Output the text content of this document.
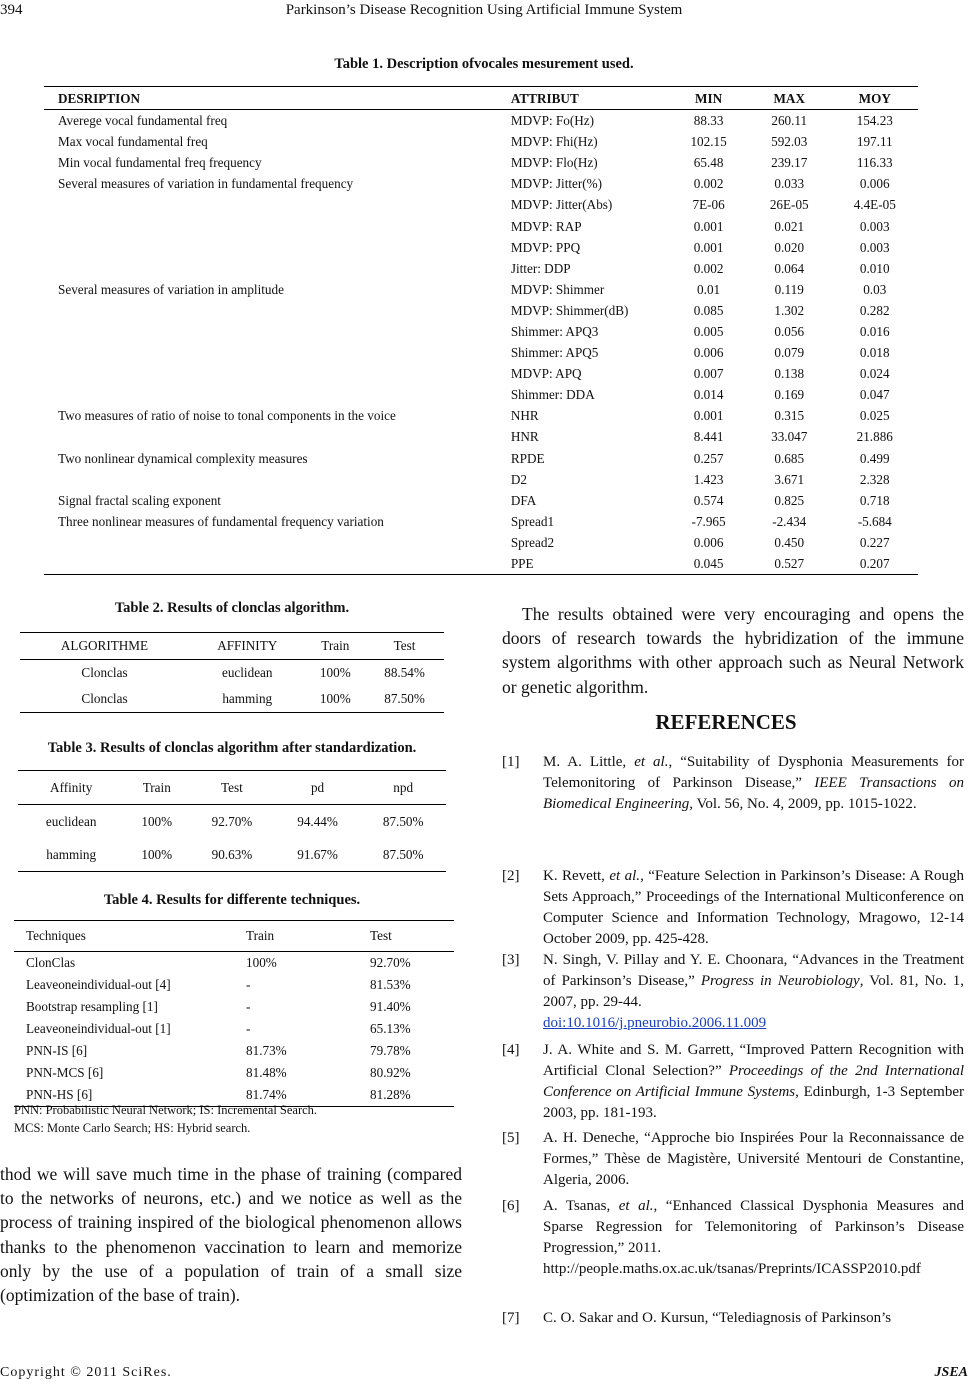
394	Parkinson’s Disease Recognition Using Artificial Immune System
Table 1. Description ofvocales mesurement used.
DESRIPTION	ATTRIBUT	MIN	MAX	MOY
Averege vocal fundamental freq	MDVP: Fo(Hz)	88.33	260.11	154.23
Max vocal fundamental freq	MDVP: Fhi(Hz)	102.15	592.03	197.11
Min vocal fundamental freq frequency	MDVP: Flo(Hz)	65.48	239.17	116.33
Several measures of variation in fundamental frequency	MDVP: Jitter(%)	0.002	0.033	0.006
	MDVP: Jitter(Abs)	7E-06	26E-05	4.4E-05
	MDVP: RAP	0.001	0.021	0.003
	MDVP: PPQ	0.001	0.020	0.003
	Jitter: DDP	0.002	0.064	0.010
Several measures of variation in amplitude	MDVP: Shimmer	0.01	0.119	0.03
	MDVP: Shimmer(dB)	0.085	1.302	0.282
	Shimmer: APQ3	0.005	0.056	0.016
	Shimmer: APQ5	0.006	0.079	0.018
	MDVP: APQ	0.007	0.138	0.024
	Shimmer: DDA	0.014	0.169	0.047
Two measures of ratio of noise to tonal components in the voice	NHR	0.001	0.315	0.025
	HNR	8.441	33.047	21.886
Two nonlinear dynamical complexity measures	RPDE	0.257	0.685	0.499
	D2	1.423	3.671	2.328
Signal fractal scaling exponent	DFA	0.574	0.825	0.718
Three nonlinear measures of fundamental frequency variation	Spread1	-7.965	-2.434	-5.684
	Spread2	0.006	0.450	0.227
	PPE	0.045	0.527	0.207
Table 2. Results of clonclas algorithm.
ALGORITHME	AFFINITY	Train	Test
Clonclas	euclidean	100%	88.54%
Clonclas	hamming	100%	87.50%
Table 3. Results of clonclas algorithm after standardization.
Affinity	Train	Test	pd	npd
euclidean	100%	92.70%	94.44%	87.50%
hamming	100%	90.63%	91.67%	87.50%
Table 4. Results for differente techniques.
Techniques	Train	Test
ClonClas	100%	92.70%
Leaveoneindividual-out [4]	-	81.53%
Bootstrap resampling [1]	-	91.40%
Leaveoneindividual-out [1]	-	65.13%
PNN-IS [6]	81.73%	79.78%
PNN-MCS [6]	81.48%	80.92%
PNN-HS [6]	81.74%	81.28%
PNN: Probabilistic Neural Network; IS: Incremental Search.
MCS: Monte Carlo Search; HS: Hybrid search.
thod we will save much time in the phase of training (compared to the networks of neurons, etc.) and we notice as well as the process of training inspired of the biological phenomenon allows thanks to the phenomenon vaccination to learn and memorize only by the use of a population of train of a small size (optimization of the base of train).
The results obtained were very encouraging and opens the doors of research towards the hybridization of the immune system algorithms with other approach such as Neural Network or genetic algorithm.
REFERENCES
[1] M. A. Little, et al., “Suitability of Dysphonia Measurements for Telemonitoring of Parkinson Disease,” IEEE Transactions on Biomedical Engineering, Vol. 56, No. 4, 2009, pp. 1015-1022.
[2] K. Revett, et al., “Feature Selection in Parkinson’s Disease: A Rough Sets Approach,” Proceedings of the International Multiconference on Computer Science and Information Technology, Mragowo, 12-14 October 2009, pp. 425-428.
[3] N. Singh, V. Pillay and Y. E. Choonara, “Advances in the Treatment of Parkinson’s Disease,” Progress in Neurobiology, Vol. 81, No. 1, 2007, pp. 29-44.
doi:10.1016/j.pneurobio.2006.11.009
[4] J. A. White and S. M. Garrett, “Improved Pattern Recognition with Artificial Clonal Selection?” Proceedings of the 2nd International Conference on Artificial Immune Systems, Edinburgh, 1-3 September 2003, pp. 181-193.
[5] A. H. Deneche, “Approche bio Inspirées Pour la Reconnaissance de Formes,” Thèse de Magistère, Université Mentouri de Constantine, Algeria, 2006.
[6] A. Tsanas, et al., “Enhanced Classical Dysphonia Measures and Sparse Regression for Telemonitoring of Parkinson’s Disease Progression,” 2011.
http://people.maths.ox.ac.uk/tsanas/Preprints/ICASSP2010.pdf
[7] C. O. Sakar and O. Kursun, “Telediagnosis of Parkinson’s
Copyright © 2011 SciRes.	JSEA
